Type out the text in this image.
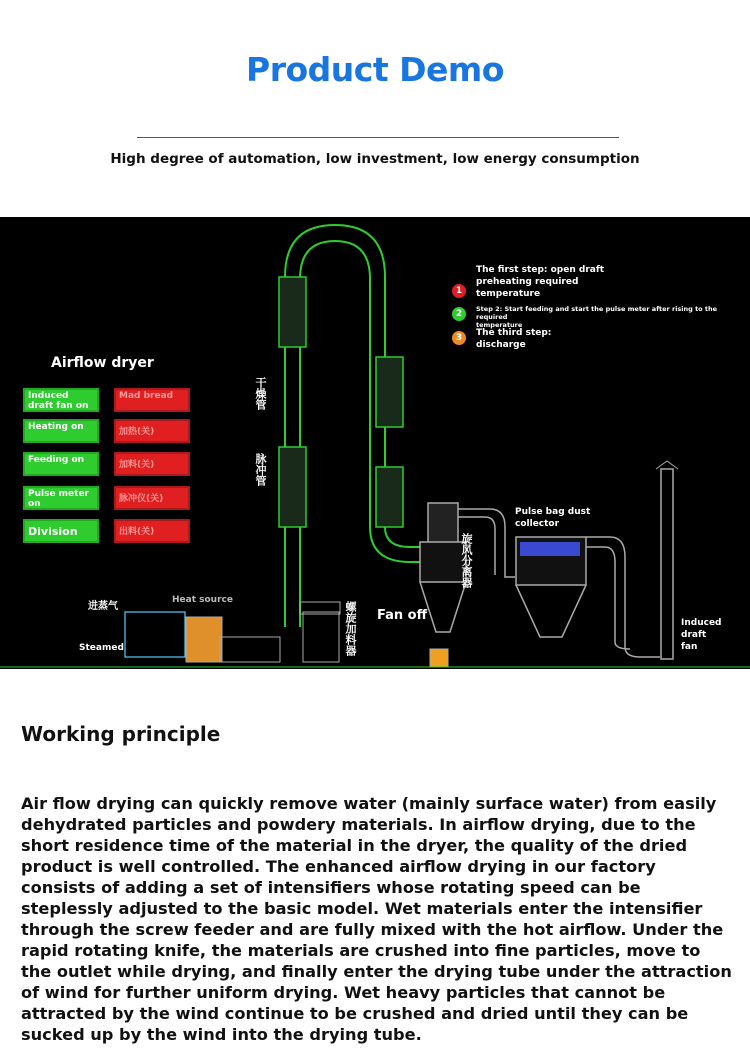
Product Demo
High degree of automation, low investment, low energy consumption
Airflow dryer
1
The first step: open draft
preheating required
temperature
2	Step 2: Start feeding and start the pulse meter after rising to the required
temperature
3	The third step:
discharge
Induced draft fan on
Heating on
Feeding on
Pulse meter on
Division
Mad bread
加热(关)
加料(关)
脉冲仪(关)
出料(关)
进蒸气
Heat source
Steamed
Fan off
Pulse bag dust
collector
Induced
draft
fan
干燥管
脉冲管
旋风分离器
螺旋加料器
Working principle
Air flow drying can quickly remove water (mainly surface water) from easily dehydrated particles and powdery materials. In airflow drying, due to the short residence time of the material in the dryer, the quality of the dried product is well controlled. The enhanced airflow drying in our factory consists of adding a set of intensifiers whose rotating speed can be steplessly adjusted to the basic model. Wet materials enter the intensifier through the screw feeder and are fully mixed with the hot airflow. Under the rapid rotating knife, the materials are crushed into fine particles, move to the outlet while drying, and finally enter the drying tube under the attraction of wind for further uniform drying. Wet heavy particles that cannot be attracted by the wind continue to be crushed and dried until they can be sucked up by the wind into the drying tube.
